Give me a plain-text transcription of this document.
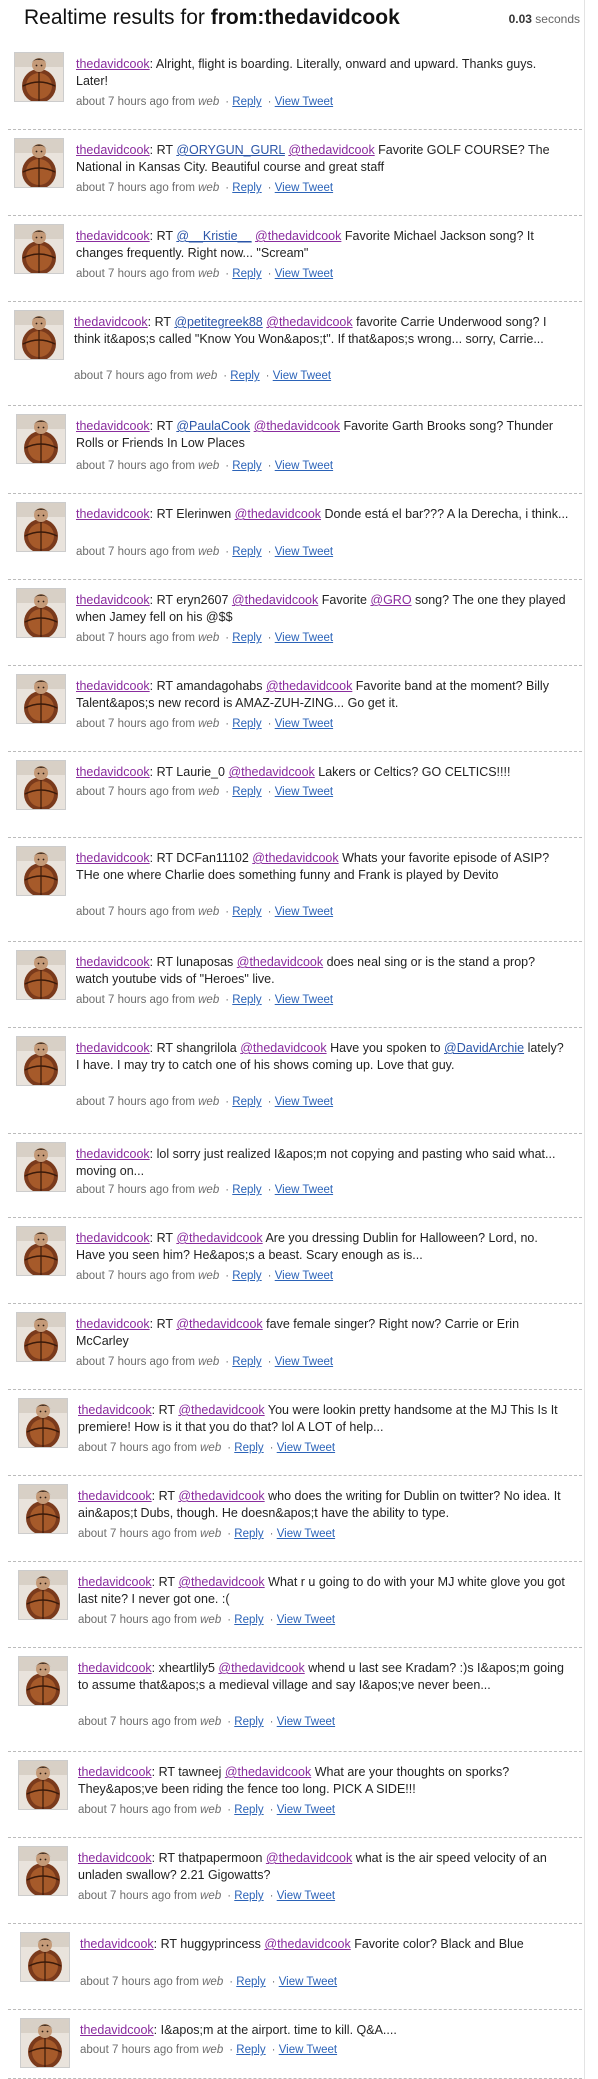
Realtime results for from:thedavidcook	0.03 seconds
thedavidcook: Alright, flight is boarding. Literally, onward and upward. Thanks guys. Later!
about 7 hours ago from web · Reply · View Tweet
thedavidcook: RT @ORYGUN_GURL @thedavidcook Favorite GOLF COURSE? The National in Kansas City. Beautiful course and great staff
about 7 hours ago from web · Reply · View Tweet
thedavidcook: RT @__Kristie__ @thedavidcook Favorite Michael Jackson song? It changes frequently. Right now... "Scream"
about 7 hours ago from web · Reply · View Tweet
thedavidcook: RT @petitegreek88 @thedavidcook favorite Carrie Underwood song? I think it&apos;s called "Know You Won&apos;t". If that&apos;s wrong... sorry, Carrie...
about 7 hours ago from web · Reply · View Tweet
thedavidcook: RT @PaulaCook @thedavidcook Favorite Garth Brooks song? Thunder Rolls or Friends In Low Places
about 7 hours ago from web · Reply · View Tweet
thedavidcook: RT Elerinwen @thedavidcook Donde está el bar??? A la Derecha, i think...
about 7 hours ago from web · Reply · View Tweet
thedavidcook: RT eryn2607 @thedavidcook Favorite @GRO song? The one they played when Jamey fell on his @$$
about 7 hours ago from web · Reply · View Tweet
thedavidcook: RT amandagohabs @thedavidcook Favorite band at the moment? Billy Talent&apos;s new record is AMAZ-ZUH-ZING... Go get it.
about 7 hours ago from web · Reply · View Tweet
thedavidcook: RT Laurie_0 @thedavidcook Lakers or Celtics? GO CELTICS!!!!
about 7 hours ago from web · Reply · View Tweet
thedavidcook: RT DCFan11102 @thedavidcook Whats your favorite episode of ASIP? THe one where Charlie does something funny and Frank is played by Devito
about 7 hours ago from web · Reply · View Tweet
thedavidcook: RT lunaposas @thedavidcook does neal sing or is the stand a prop? watch youtube vids of "Heroes" live.
about 7 hours ago from web · Reply · View Tweet
thedavidcook: RT shangrilola @thedavidcook Have you spoken to @DavidArchie lately? I have. I may try to catch one of his shows coming up. Love that guy.
about 7 hours ago from web · Reply · View Tweet
thedavidcook: lol sorry just realized I&apos;m not copying and pasting who said what... moving on...
about 7 hours ago from web · Reply · View Tweet
thedavidcook: RT @thedavidcook Are you dressing Dublin for Halloween? Lord, no. Have you seen him? He&apos;s a beast. Scary enough as is...
about 7 hours ago from web · Reply · View Tweet
thedavidcook: RT @thedavidcook fave female singer? Right now? Carrie or Erin McCarley
about 7 hours ago from web · Reply · View Tweet
thedavidcook: RT @thedavidcook You were lookin pretty handsome at the MJ This Is It premiere! How is it that you do that? lol A LOT of help...
about 7 hours ago from web · Reply · View Tweet
thedavidcook: RT @thedavidcook who does the writing for Dublin on twitter? No idea. It ain&apos;t Dubs, though. He doesn&apos;t have the ability to type.
about 7 hours ago from web · Reply · View Tweet
thedavidcook: RT @thedavidcook What r u going to do with your MJ white glove you got last nite? I never got one. :(
about 7 hours ago from web · Reply · View Tweet
thedavidcook: xheartlily5 @thedavidcook whend u last see Kradam? :)s I&apos;m going to assume that&apos;s a medieval village and say I&apos;ve never been...
about 7 hours ago from web · Reply · View Tweet
thedavidcook: RT tawneej @thedavidcook What are your thoughts on sporks? They&apos;ve been riding the fence too long. PICK A SIDE!!!
about 7 hours ago from web · Reply · View Tweet
thedavidcook: RT thatpapermoon @thedavidcook what is the air speed velocity of an unladen swallow? 2.21 Gigowatts?
about 7 hours ago from web · Reply · View Tweet
thedavidcook: RT huggyprincess @thedavidcook Favorite color? Black and Blue
about 7 hours ago from web · Reply · View Tweet
thedavidcook: I&apos;m at the airport. time to kill. Q&A....
about 7 hours ago from web · Reply · View Tweet
